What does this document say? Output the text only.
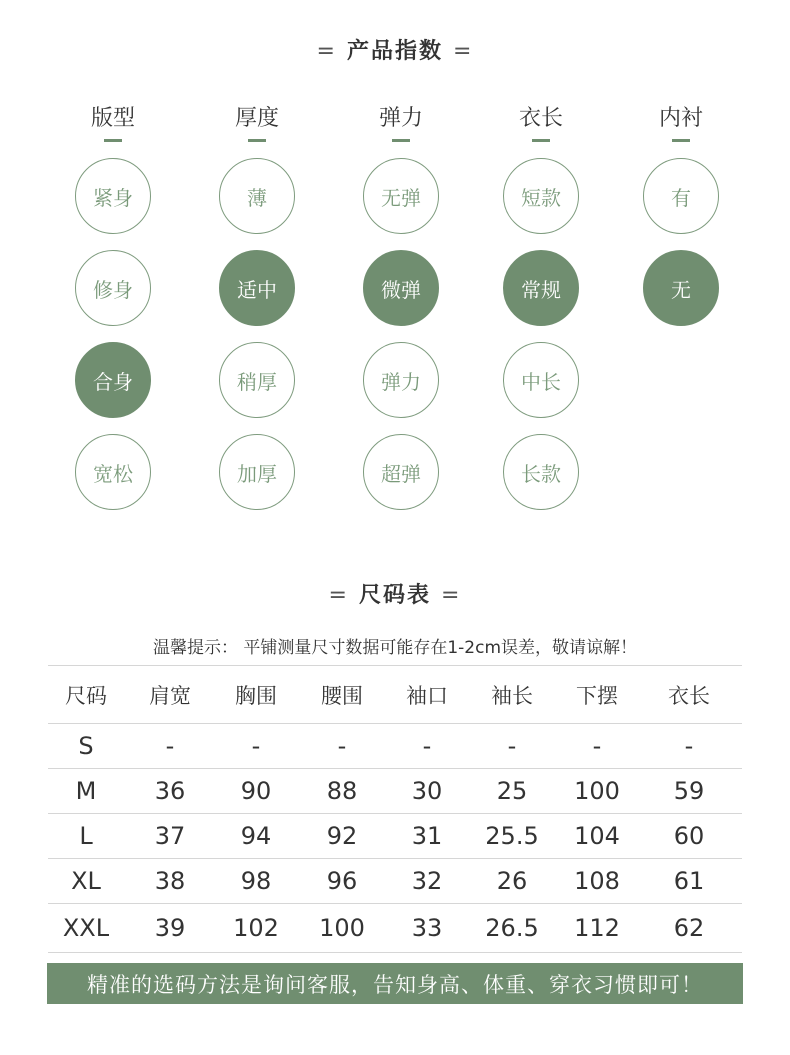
= 产品指数 =
版型
紧身
修身
合身
宽松
厚度
薄
适中
稍厚
加厚
弹力
无弹
微弹
弹力
超弹
衣长
短款
常规
中长
长款
内衬
有
无
= 尺码表 =
温馨提示： 平铺测量尺寸数据可能存在1-2cm误差，敬请谅解！
尺码	肩宽	胸围	腰围	袖口	袖长	下摆	衣长
S	-	-	-	-	-	-	-
M	36	90	88	30	25	100	59
L	37	94	92	31	25.5	104	60
XL	38	98	96	32	26	108	61
XXL	39	102	100	33	26.5	112	62
精准的选码方法是询问客服，告知身高、体重、穿衣习惯即可！
